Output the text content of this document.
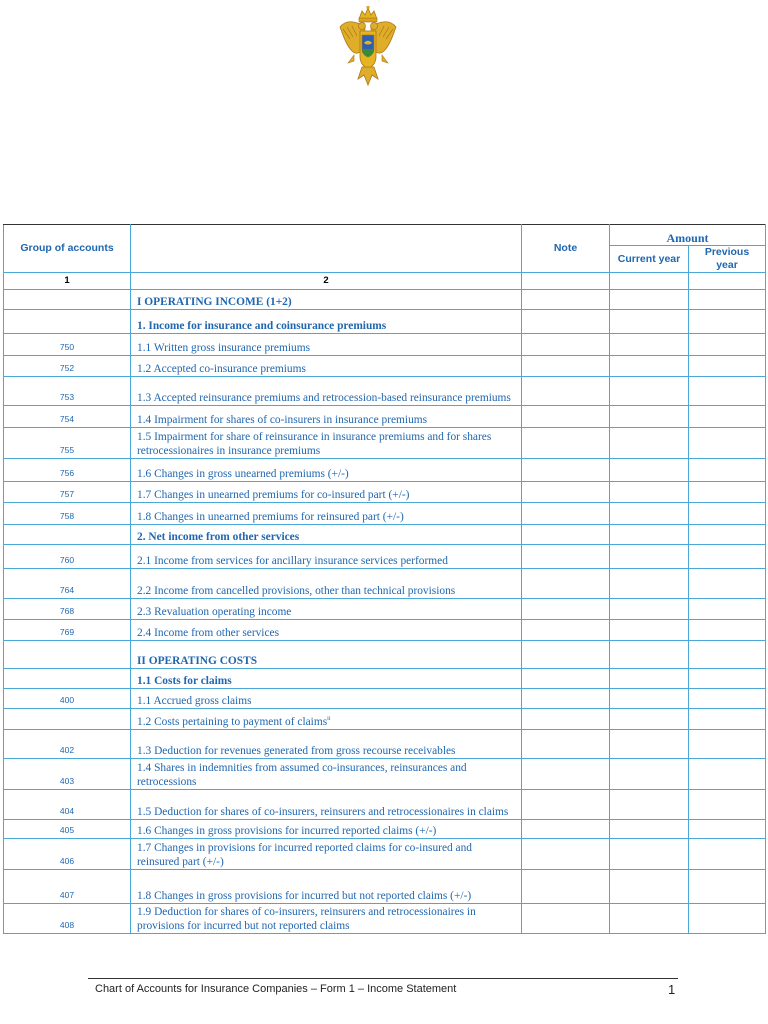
Group of accounts		Note	Amount	
			Current year	Previous year
1	2			
	I OPERATING INCOME (1+2)			
	1. Income for insurance and coinsurance premiums			
750	1.1 Written gross insurance premiums			
752	1.2 Accepted co-insurance premiums			
753	1.3 Accepted reinsurance premiums and retrocession-based reinsurance premiums			
754	1.4 Impairment for shares of co-insurers in insurance premiums			
755	1.5 Impairment for share of reinsurance in insurance premiums and for shares retrocessionaires in insurance premiums			
756	1.6 Changes in gross unearned premiums (+/-)			
757	1.7 Changes in unearned premiums for co-insured part (+/-)			
758	1.8 Changes in unearned premiums for reinsured part (+/-)			
	2. Net income from other services			
760	2.1 Income from services for ancillary insurance services performed			
764	2.2 Income from cancelled provisions, other than technical provisions			
768	2.3 Revaluation operating income			
769	2.4 Income from other services			
	II OPERATING COSTS			
	1.1 Costs for claims			
400	1.1 Accrued gross claims			
	1.2 Costs pertaining to payment of claims$^{ii}$			
402	1.3 Deduction for revenues generated from gross recourse receivables			
403	1.4 Shares in indemnities from assumed co-insurances, reinsurances and retrocessions			
404	1.5 Deduction for shares of co-insurers, reinsurers and retrocessionaires in claims			
405	1.6 Changes in gross provisions for incurred reported claims (+/-)			
406	1.7 Changes in provisions for incurred reported claims for co-insured and reinsured part (+/-)			
407	1.8 Changes in gross provisions for incurred but not reported claims (+/-)			
408	1.9 Deduction for shares of co-insurers, reinsurers and retrocessionaires in provisions for incurred but not reported claims			
Chart of Accounts for Insurance Companies – Form 1 – Income Statement	1
